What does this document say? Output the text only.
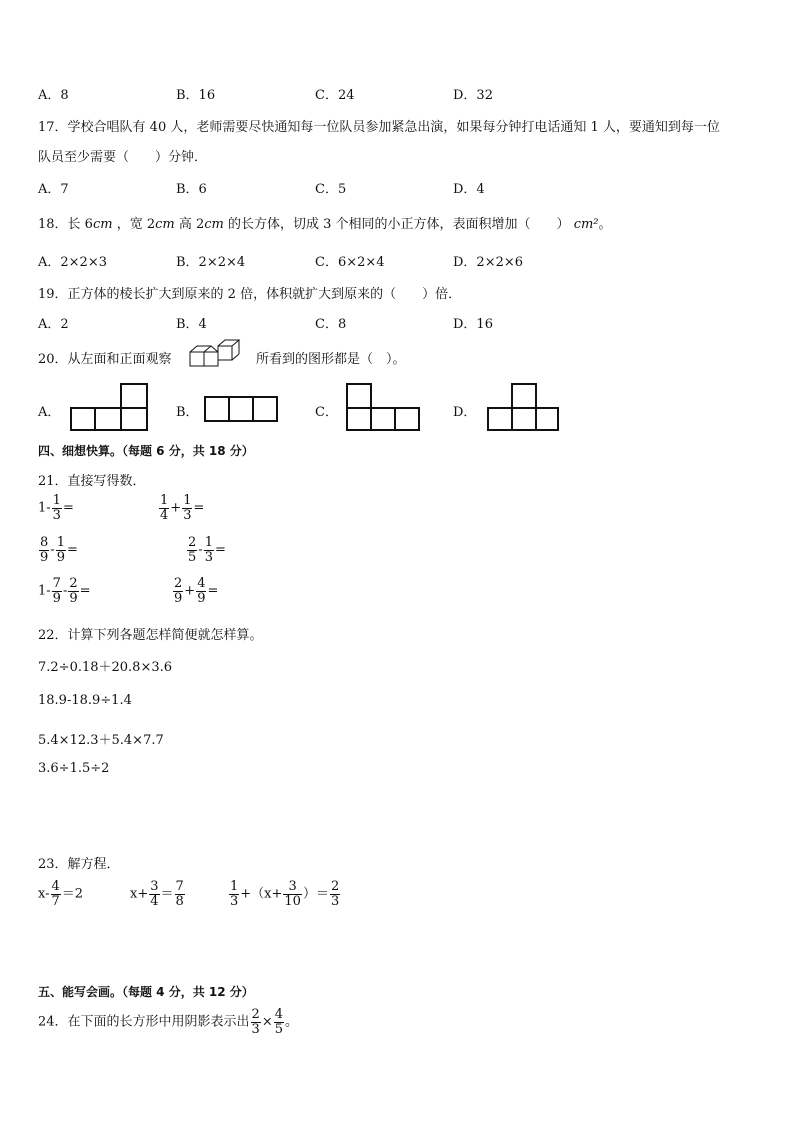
A．8	B．16	C．24	D．32
17．学校合唱队有 40 人，老师需要尽快通知每一位队员参加紧急出演，如果每分钟打电话通知 1 人，要通知到每一位
队员至少需要（　　）分钟．
A．7	B．6	C．5	D．4
18．长 6cm ，宽 2cm 高 2cm 的长方体，切成 3 个相同的小正方体，表面积增加（　　） cm²。
A．2×2×3	B．2×2×4	C．6×2×4	D．2×2×6
19．正方体的棱长扩大到原来的 2 倍，体积就扩大到原来的（　　）倍．
A．2	B．4	C．8	D．16
20．从左面和正面观察	所看到的图形都是（　）。
A．	B．	C．	D．
四、细想快算。（每题 6 分，共 18 分）
21．直接写得数．
$1- \frac{1}{3}$ =	$\frac{1}{4} + \frac{1}{3}$ =
$\frac{8}{9} - \frac{1}{9}$ =	$\frac{2}{5} - \frac{1}{3}$ =
$1- \frac{7}{9} - \frac{2}{9}$ =	$\frac{2}{9} + \frac{4}{9}$ =
22．计算下列各题怎样简便就怎样算。
7.2÷0.18＋20.8×3.6
18.9-18.9÷1.4
5.4×12.3＋5.4×7.7
3.6÷1.5÷2
23．解方程．
$x- \frac{4}{7} =2$	$x+ \frac{3}{4} = \frac{7}{8}$	$\frac{1}{3} +(x+ \frac{3}{10}$ ）＝ $\frac{2}{3}$
五、能写会画。（每题 4 分，共 12 分）
24．在下面的长方形中用阴影表示出 $\frac{2}{3} \times \frac{4}{5}$ 。
